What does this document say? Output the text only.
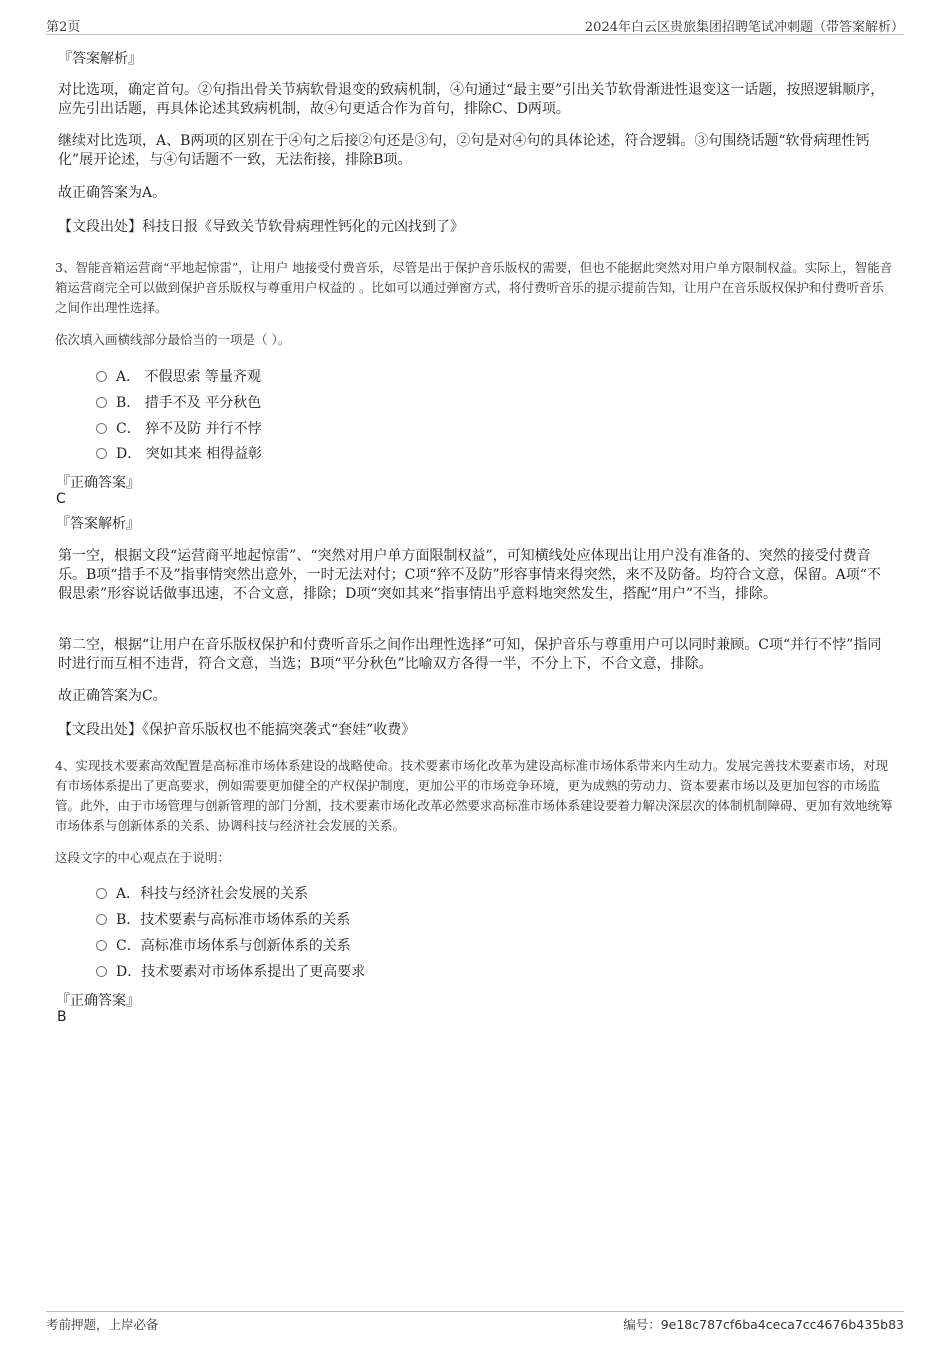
第2页	2024年白云区贵旅集团招聘笔试冲刺题（带答案解析）
『答案解析』
对比选项，确定首句。②句指出骨关节病软骨退变的致病机制，④句通过“最主要”引出关节软骨渐进性退变这一话题，按照逻辑顺序，应先引出话题，再具体论述其致病机制，故④句更适合作为首句，排除C、D两项。
继续对比选项，A、B两项的区别在于④句之后接②句还是③句，②句是对④句的具体论述，符合逻辑。③句围绕话题“软骨病理性钙化”展开论述，与④句话题不一致，无法衔接，排除B项。
故正确答案为A。
【文段出处】科技日报《导致关节软骨病理性钙化的元凶找到了》
3、智能音箱运营商“平地起惊雷”，让用户 地接受付费音乐，尽管是出于保护音乐版权的需要，但也不能据此突然对用户单方限制权益。实际上，智能音箱运营商完全可以做到保护音乐版权与尊重用户权益的 。比如可以通过弹窗方式，将付费听音乐的提示提前告知，让用户在音乐版权保护和付费听音乐之间作出理性选择。
依次填入画横线部分最恰当的一项是（ ）。
A． 不假思索 等量齐观
B． 措手不及 平分秋色
C． 猝不及防 并行不悖
D． 突如其来 相得益彰
『正确答案』
C
『答案解析』
第一空，根据文段“运营商平地起惊雷”、“突然对用户单方面限制权益”，可知横线处应体现出让用户没有准备的、突然的接受付费音乐。B项“措手不及”指事情突然出意外，一时无法对付；C项“猝不及防”形容事情来得突然，来不及防备。均符合文意，保留。A项“不假思索”形容说话做事迅速，不合文意，排除；D项“突如其来”指事情出乎意料地突然发生，搭配“用户”不当，排除。
第二空，根据“让用户在音乐版权保护和付费听音乐之间作出理性选择”可知，保护音乐与尊重用户可以同时兼顾。C项“并行不悖”指同时进行而互相不违背，符合文意，当选；B项“平分秋色”比喻双方各得一半，不分上下，不合文意，排除。
故正确答案为C。
【文段出处】《保护音乐版权也不能搞突袭式“套娃”收费》
4、实现技术要素高效配置是高标准市场体系建设的战略使命。技术要素市场化改革为建设高标准市场体系带来内生动力。发展完善技术要素市场，对现有市场体系提出了更高要求，例如需要更加健全的产权保护制度，更加公平的市场竞争环境，更为成熟的劳动力、资本要素市场以及更加包容的市场监管。此外，由于市场管理与创新管理的部门分割，技术要素市场化改革必然要求高标准市场体系建设要着力解决深层次的体制机制障碍、更加有效地统筹市场体系与创新体系的关系、协调科技与经济社会发展的关系。
这段文字的中心观点在于说明：
A．科技与经济社会发展的关系
B．技术要素与高标准市场体系的关系
C．高标准市场体系与创新体系的关系
D．技术要素对市场体系提出了更高要求
『正确答案』
B
考前押题，上岸必备	编号：9e18c787cf6ba4ceca7cc4676b435b83
